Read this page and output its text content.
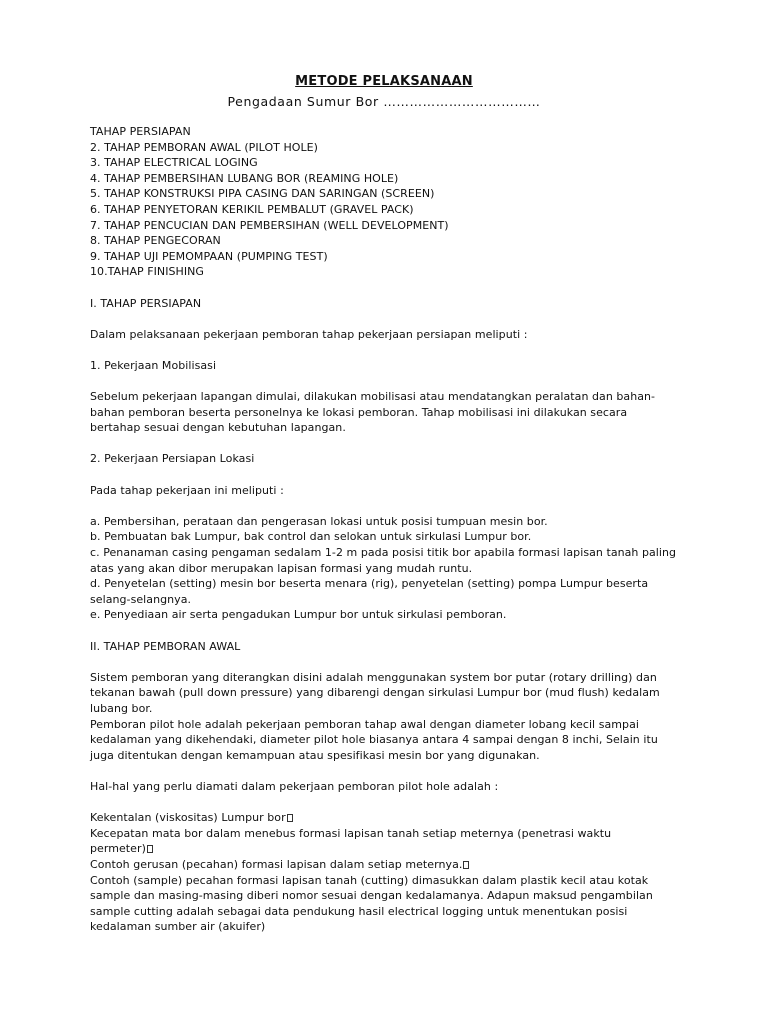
METODE PELAKSANAAN
Pengadaan Sumur Bor ………………………………
TAHAP PERSIAPAN
2. TAHAP PEMBORAN AWAL (PILOT HOLE)
3. TAHAP ELECTRICAL LOGING
4. TAHAP PEMBERSIHAN LUBANG BOR (REAMING HOLE)
5. TAHAP KONSTRUKSI PIPA CASING DAN SARINGAN (SCREEN)
6. TAHAP PENYETORAN KERIKIL PEMBALUT (GRAVEL PACK)
7. TAHAP PENCUCIAN DAN PEMBERSIHAN (WELL DEVELOPMENT)
8. TAHAP PENGECORAN
9. TAHAP UJI PEMOMPAAN (PUMPING TEST)
10.TAHAP FINISHING
I. TAHAP PERSIAPAN
Dalam pelaksanaan pekerjaan pemboran tahap pekerjaan persiapan meliputi :
1. Pekerjaan Mobilisasi
Sebelum pekerjaan lapangan dimulai, dilakukan mobilisasi atau mendatangkan peralatan dan bahan-
bahan pemboran beserta personelnya ke lokasi pemboran. Tahap mobilisasi ini dilakukan secara
bertahap sesuai dengan kebutuhan lapangan.
2. Pekerjaan Persiapan Lokasi
Pada tahap pekerjaan ini meliputi :
a. Pembersihan, perataan dan pengerasan lokasi untuk posisi tumpuan mesin bor.
b. Pembuatan bak Lumpur, bak control dan selokan untuk sirkulasi Lumpur bor.
c. Penanaman casing pengaman sedalam 1-2 m pada posisi titik bor apabila formasi lapisan tanah paling
atas yang akan dibor merupakan lapisan formasi yang mudah runtu.
d. Penyetelan (setting) mesin bor beserta menara (rig), penyetelan (setting) pompa Lumpur beserta
selang-selangnya.
e. Penyediaan air serta pengadukan Lumpur bor untuk sirkulasi pemboran.
II. TAHAP PEMBORAN AWAL
Sistem pemboran yang diterangkan disini adalah menggunakan system bor putar (rotary drilling) dan
tekanan bawah (pull down pressure) yang dibarengi dengan sirkulasi Lumpur bor (mud flush) kedalam
lubang bor.
Pemboran pilot hole adalah pekerjaan pemboran tahap awal dengan diameter lobang kecil sampai
kedalaman yang dikehendaki, diameter pilot hole biasanya antara 4 sampai dengan 8 inchi, Selain itu
juga ditentukan dengan kemampuan atau spesifikasi mesin bor yang digunakan.
Hal-hal yang perlu diamati dalam pekerjaan pemboran pilot hole adalah :
Kekentalan (viskositas) Lumpur bor
Kecepatan mata bor dalam menebus formasi lapisan tanah setiap meternya (penetrasi waktu
permeter)
Contoh gerusan (pecahan) formasi lapisan dalam setiap meternya.
Contoh (sample) pecahan formasi lapisan tanah (cutting) dimasukkan dalam plastik kecil atau kotak
sample dan masing-masing diberi nomor sesuai dengan kedalamanya. Adapun maksud pengambilan
sample cutting adalah sebagai data pendukung hasil electrical logging untuk menentukan posisi
kedalaman sumber air (akuifer)
